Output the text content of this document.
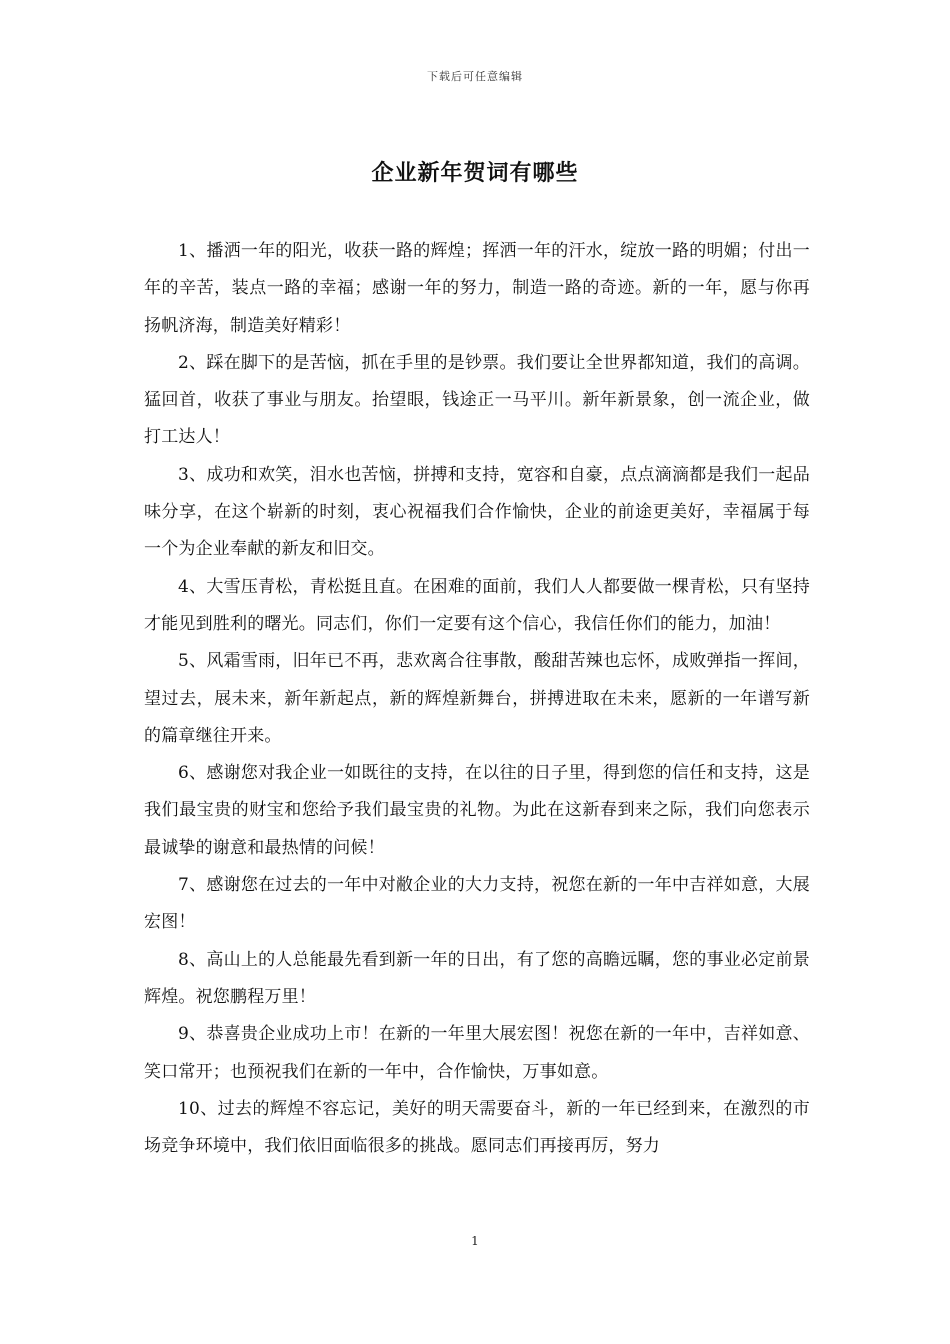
下载后可任意编辑
企业新年贺词有哪些

1、播洒一年的阳光，收获一路的辉煌；挥洒一年的汗水，绽放一路的明媚；付出一年的辛苦，装点一路的幸福；感谢一年的努力，制造一路的奇迹。新的一年，愿与你再扬帆济海，制造美好精彩！

2、踩在脚下的是苦恼，抓在手里的是钞票。我们要让全世界都知道，我们的高调。猛回首，收获了事业与朋友。抬望眼，钱途正一马平川。新年新景象，创一流企业，做打工达人！

3、成功和欢笑，泪水也苦恼，拼搏和支持，宽容和自豪，点点滴滴都是我们一起品味分享，在这个崭新的时刻，衷心祝福我们合作愉快，企业的前途更美好，幸福属于每一个为企业奉献的新友和旧交。

4、大雪压青松，青松挺且直。在困难的面前，我们人人都要做一棵青松，只有坚持才能见到胜利的曙光。同志们，你们一定要有这个信心，我信任你们的能力，加油！

5、风霜雪雨，旧年已不再，悲欢离合往事散，酸甜苦辣也忘怀，成败弹指一挥间，望过去，展未来，新年新起点，新的辉煌新舞台，拼搏进取在未来，愿新的一年谱写新的篇章继往开来。

6、感谢您对我企业一如既往的支持，在以往的日子里，得到您的信任和支持，这是我们最宝贵的财宝和您给予我们最宝贵的礼物。为此在这新春到来之际，我们向您表示最诚挚的谢意和最热情的问候！

7、感谢您在过去的一年中对敝企业的大力支持，祝您在新的一年中吉祥如意，大展宏图！

8、高山上的人总能最先看到新一年的日出，有了您的高瞻远瞩，您的事业必定前景辉煌。祝您鹏程万里！

9、恭喜贵企业成功上市！在新的一年里大展宏图！祝您在新的一年中，吉祥如意、笑口常开；也预祝我们在新的一年中，合作愉快，万事如意。

10、过去的辉煌不容忘记，美好的明天需要奋斗，新的一年已经到来，在激烈的市场竞争环境中，我们依旧面临很多的挑战。愿同志们再接再厉，努力

1
